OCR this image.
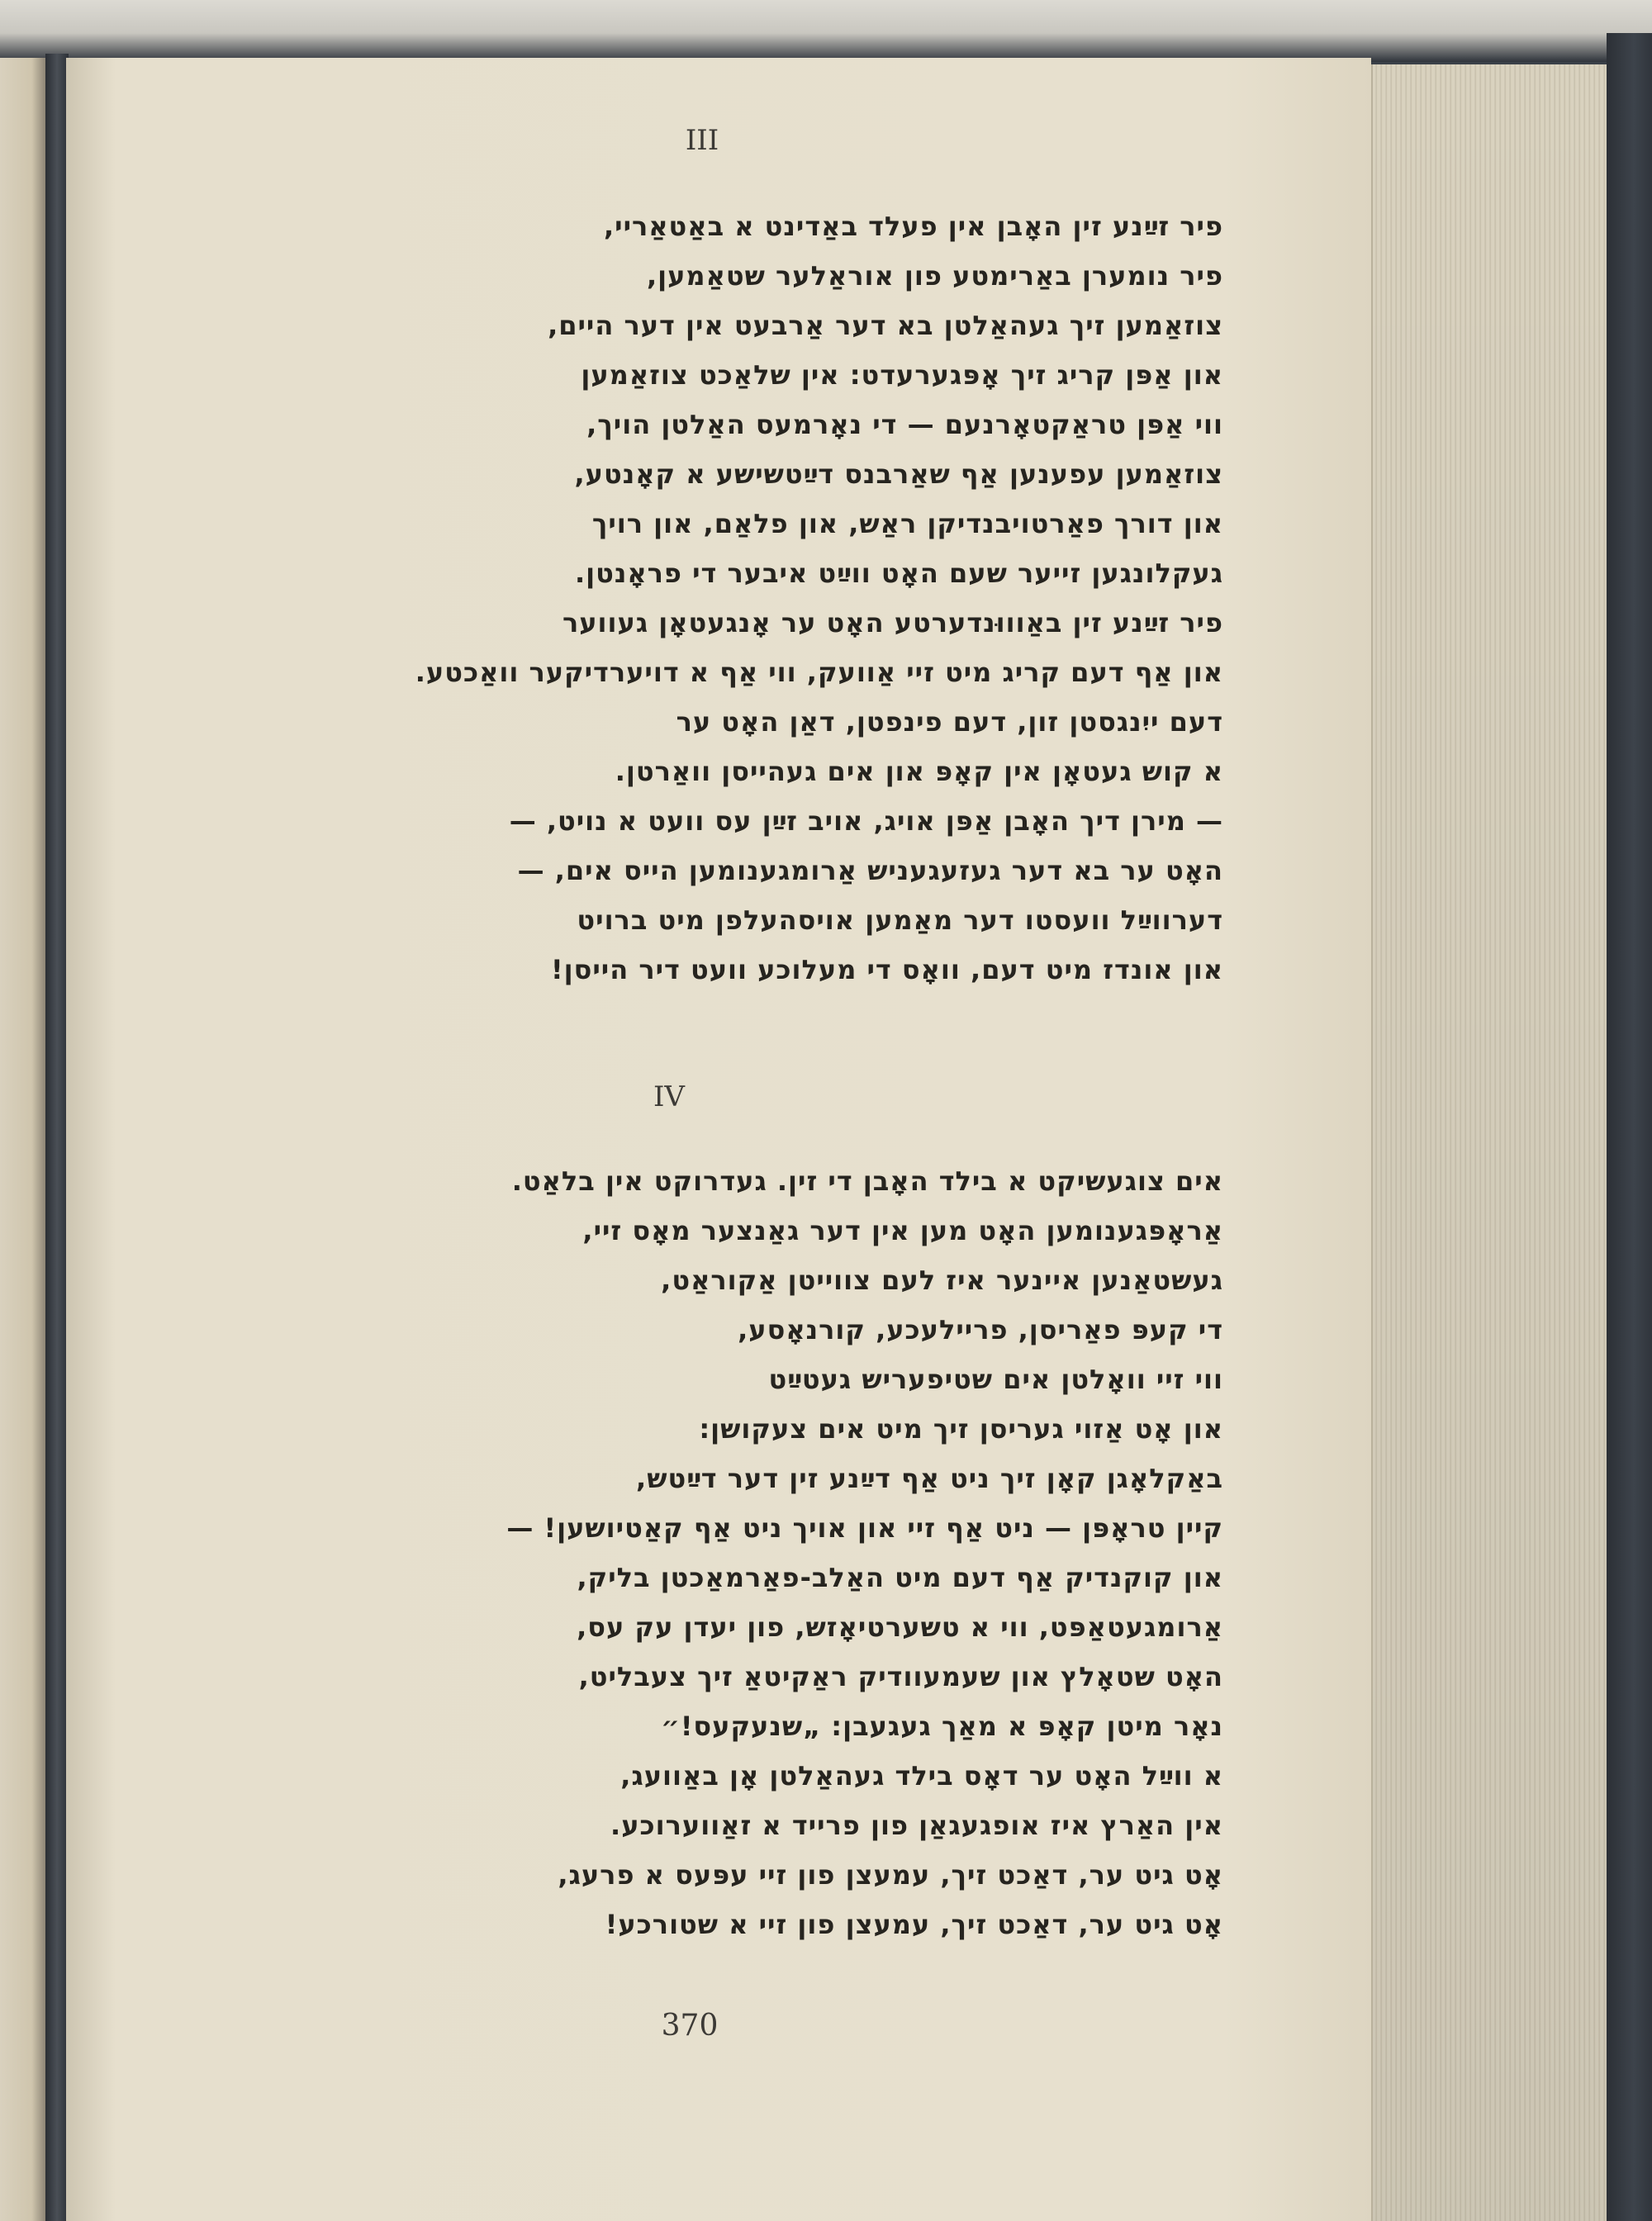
III
פיר זײַנע זין האָבן אין פעלד באַדינט א באַטאַריי,
פיר נומערן באַרימטע פון אוראַלער שטאַמען,
צוזאַמען זיך געהאַלטן בא דער אַרבעט אין דער היים,
און אַפּן קריג זיך אָפּגערעדט: אין שלאַכט צוזאַמען
ווי אַפּן טראַקטאָרנעם — די נאָרמעס האַלטן הויך,
צוזאַמען עפענען אַף שאַרבנס דײַטשישע א קאָנטע,
און דורך פאַרטויבנדיקן ראַש, און פלאַם, און רויך
געקלונגען זייער שעם האָט ווײַט איבער די פראָנטן.
פיר זײַנע זין באַוווּנדערטע האָט ער אָנגעטאָן געווער
און אַף דעם קריג מיט זיי אַוועק, ווי אַף א דויערדיקער וואַכטע.
דעם ייִנגסטן זון, דעם פינפטן, דאַן האָט ער
א קוש געטאָן אין קאָפּ און אים געהייסן וואַרטן.
— מירן דיך האָבן אַפּן אויג, אויב זײַן עס וועט א נויט, —
האָט ער בא דער געזעגעניש אַרומגענומען הייס אים, —
דערווײַל וועסטו דער מאַמען אויסהעלפן מיט ברויט
און אונדז מיט דעם, וואָס די מעלוכע וועט דיר הייסן!
IV
אים צוגעשיקט א בילד האָבן די זין. געדרוקט אין בלאַט.
אַראָפּגענומען האָט מען אין דער גאַנצער מאָס זיי,
געשטאַנען איינער איז לעם צווייטן אַקוראַט,
די קעפּ פאַריסן, פריילעכע, קורנאָסע,
ווי זיי וואָלטן אים שטיפעריש געטײַט
און אָט אַזוי געריסן זיך מיט אים צעקושן:
באַקלאָגן קאָן זיך ניט אַף דײַנע זין דער דײַטש,
קיין טראָפּן — ניט אַף זיי און אויך ניט אַף קאַטיושען! —
און קוקנדיק אַף דעם מיט האַלב-פאַרמאַכטן בליק,
אַרומגעטאַפּט, ווי א טשערטיאָזש, פון יעדן עק עס,
האָט שטאָלץ און שעמעוודיק ראַקיטאַ זיך צעבליט,
נאָר מיטן קאָפּ א מאַך געגעבן: „שנעקעס!״
א ווײַל האָט ער דאָס בילד געהאַלטן אָן באַוועג,
אין האַרץ איז אופגעגאַן פון פרייד א זאַווערוכע.
אָט גיט ער, דאַכט זיך, עמעצן פון זיי עפּעס א פרעג,
אָט גיט ער, דאַכט זיך, עמעצן פון זיי א שטורכע!
370
